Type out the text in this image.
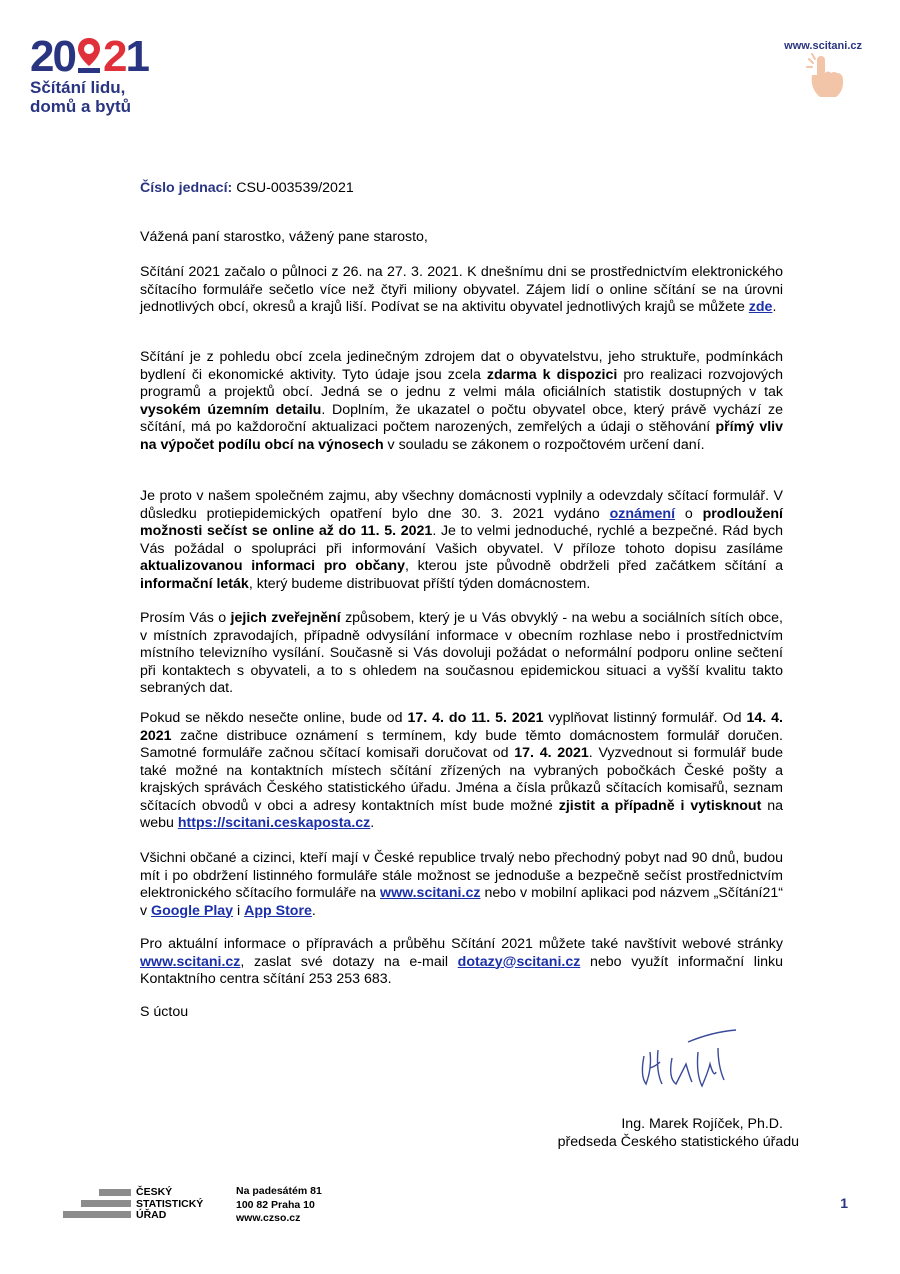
20 2 1
Sčítání lidu,
domů a bytů
www.scitani.cz
Číslo jednací: CSU-003539/2021

Vážená paní starostko, vážený pane starosto,

Sčítání 2021 začalo o půlnoci z 26. na 27. 3. 2021. K dnešnímu dni se prostřednictvím elektronického sčítacího formuláře sečetlo více než čtyři miliony obyvatel. Zájem lidí o online sčítání se na úrovni jednotlivých obcí, okresů a krajů liší. Podívat se na aktivitu obyvatel jednotlivých krajů se můžete zde.

Sčítání je z pohledu obcí zcela jedinečným zdrojem dat o obyvatelstvu, jeho struktuře, podmínkách bydlení či ekonomické aktivity. Tyto údaje jsou zcela zdarma k dispozici pro realizaci rozvojových programů a projektů obcí. Jedná se o jednu z velmi mála oficiálních statistik dostupných v tak vysokém územním detailu. Doplním, že ukazatel o počtu obyvatel obce, který právě vychází ze sčítání, má po každoroční aktualizaci počtem narozených, zemřelých a údaji o stěhování přímý vliv na výpočet podílu obcí na výnosech v souladu se zákonem o rozpočtovém určení daní.

Je proto v našem společném zajmu, aby všechny domácnosti vyplnily a odevzdaly sčítací formulář. V důsledku protiepidemických opatření bylo dne 30. 3. 2021 vydáno oznámení o prodloužení možnosti sečíst se online až do 11. 5. 2021. Je to velmi jednoduché, rychlé a bezpečné. Rád bych Vás požádal o spolupráci při informování Vašich obyvatel. V příloze tohoto dopisu zasíláme aktualizovanou informaci pro občany, kterou jste původně obdrželi před začátkem sčítání a informační leták, který budeme distribuovat příští týden domácnostem.

Prosím Vás o jejich zveřejnění způsobem, který je u Vás obvyklý - na webu a sociálních sítích obce, v místních zpravodajích, případně odvysílání informace v obecním rozhlase nebo i prostřednictvím místního televizního vysílání. Současně si Vás dovoluji požádat o neformální podporu online sečtení při kontaktech s obyvateli, a to s ohledem na současnou epidemickou situaci a vyšší kvalitu takto sebraných dat.

Pokud se někdo nesečte online, bude od 17. 4. do 11. 5. 2021 vyplňovat listinný formulář. Od 14. 4. 2021 začne distribuce oznámení s termínem, kdy bude těmto domácnostem formulář doručen. Samotné formuláře začnou sčítací komisaři doručovat od 17. 4. 2021. Vyzvednout si formulář bude také možné na kontaktních místech sčítání zřízených na vybraných pobočkách České pošty a krajských správách Českého statistického úřadu. Jména a čísla průkazů sčítacích komisařů, seznam sčítacích obvodů v obci a adresy kontaktních míst bude možné zjistit a případně i vytisknout na webu https://scitani.ceskaposta.cz.

Všichni občané a cizinci, kteří mají v České republice trvalý nebo přechodný pobyt nad 90 dnů, budou mít i po obdržení listinného formuláře stále možnost se jednoduše a bezpečně sečíst prostřednictvím elektronického sčítacího formuláře na www.scitani.cz nebo v mobilní aplikaci pod názvem „Sčítání21“ v Google Play i App Store.

Pro aktuální informace o přípravách a průběhu Sčítání 2021 můžete také navštívit webové stránky www.scitani.cz, zaslat své dotazy na e-mail dotazy@scitani.cz nebo využít informační linku Kontaktního centra sčítání 253 253 683.

S úctou

Ing. Marek Rojíček, Ph.D.
předseda Českého statistického úřadu
ČESKÝ
STATISTICKÝ
ÚŘAD
Na padesátém 81
100 82 Praha 10
www.czso.cz
1
